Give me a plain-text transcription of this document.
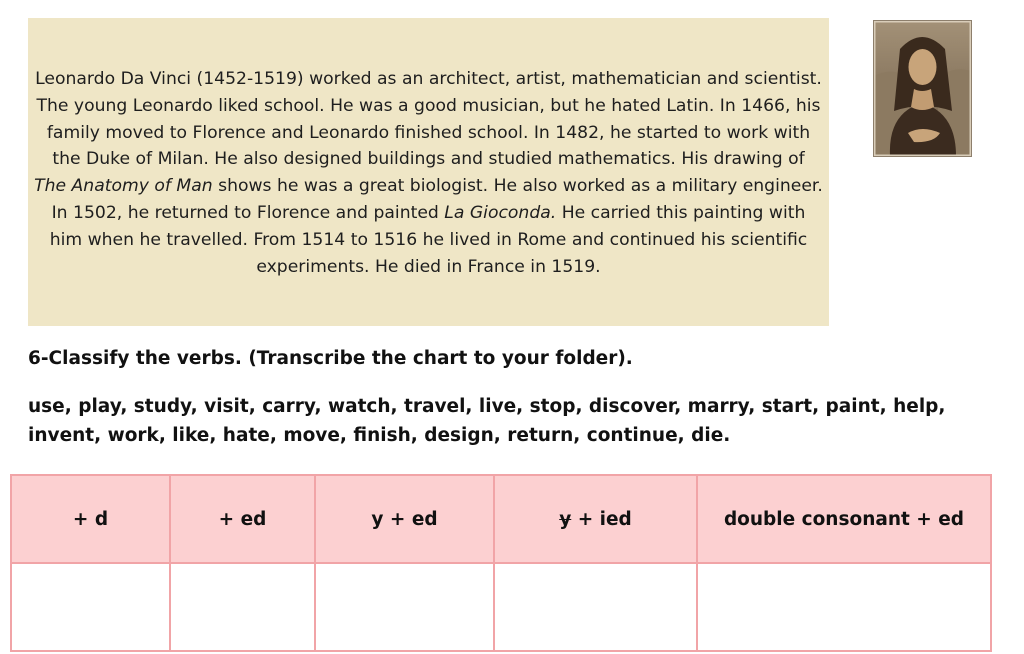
Leonardo Da Vinci (1452-1519) worked as an architect, artist, mathematician and scientist. The young Leonardo liked school. He was a good musician, but he hated Latin. In 1466, his family moved to Florence and Leonardo finished school. In 1482, he started to work with the Duke of Milan. He also designed buildings and studied mathematics. His drawing of The Anatomy of Man shows he was a great biologist. He also worked as a military engineer. In 1502, he returned to Florence and painted La Gioconda. He carried this painting with him when he travelled. From 1514 to 1516 he lived in Rome and continued his scientific experiments. He died in France in 1519.

6-Classify the verbs. (Transcribe the chart to your folder).

use, play, study, visit, carry, watch, travel, live, stop, discover, marry, start, paint, help, invent, work, like, hate, move, finish, design, return, continue, die.

+ d	+ ed	y + ed	y + ied	double consonant + ed
